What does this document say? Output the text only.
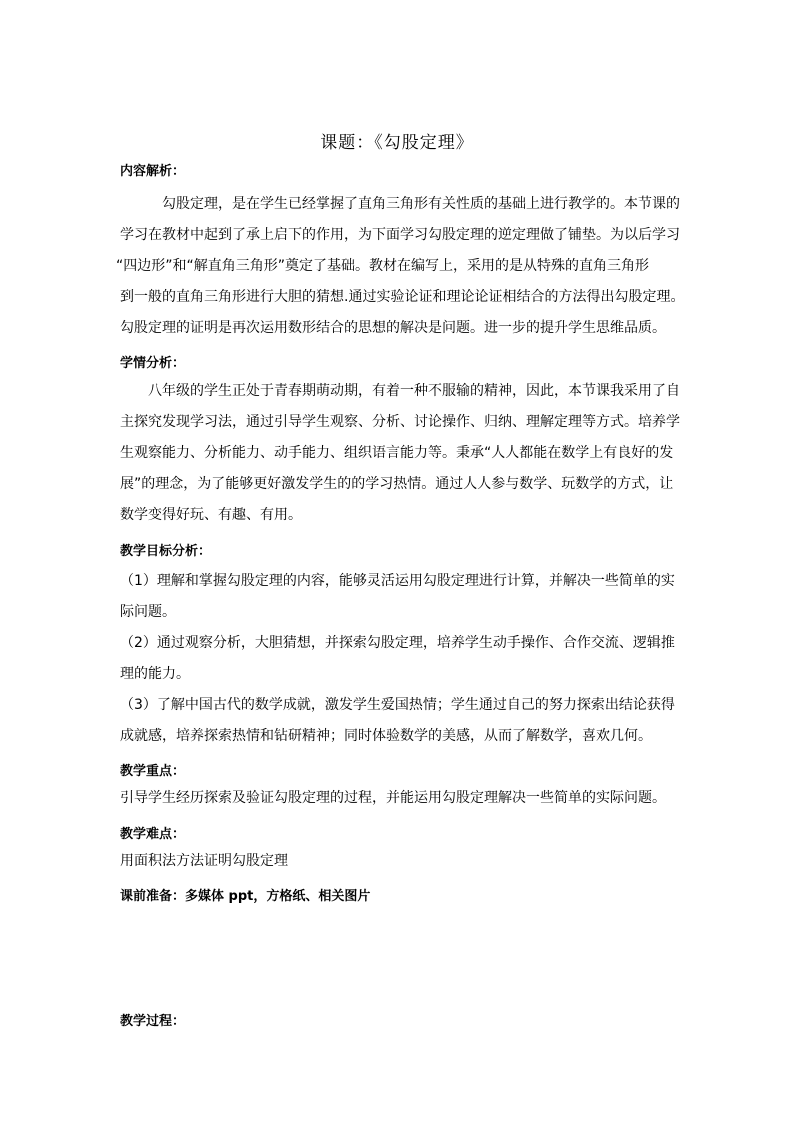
课题：《勾股定理》
内容解析：
勾股定理，是在学生已经掌握了直角三角形有关性质的基础上进行教学的。本节课的
学习在教材中起到了承上启下的作用，为下面学习勾股定理的逆定理做了铺垫。为以后学习
“四边形”和“解直角三角形”奠定了基础。教材在编写上，采用的是从特殊的直角三角形
到一般的直角三角形进行大胆的猜想.通过实验论证和理论论证相结合的方法得出勾股定理。
勾股定理的证明是再次运用数形结合的思想的解决是问题。进一步的提升学生思维品质。
学情分析：
八年级的学生正处于青春期萌动期，有着一种不服输的精神，因此，本节课我采用了自
主探究发现学习法，通过引导学生观察、分析、讨论操作、归纳、理解定理等方式。培养学
生观察能力、分析能力、动手能力、组织语言能力等。秉承“人人都能在数学上有良好的发
展”的理念，为了能够更好激发学生的的学习热情。通过人人参与数学、玩数学的方式，让
数学变得好玩、有趣、有用。
教学目标分析：
（1）理解和掌握勾股定理的内容，能够灵活运用勾股定理进行计算，并解决一些简单的实
际问题。
（2）通过观察分析，大胆猜想，并探索勾股定理，培养学生动手操作、合作交流、逻辑推
理的能力。
（3）了解中国古代的数学成就，激发学生爱国热情；学生通过自己的努力探索出结论获得
成就感，培养探索热情和钻研精神；同时体验数学的美感，从而了解数学，喜欢几何。
教学重点：
引导学生经历探索及验证勾股定理的过程，并能运用勾股定理解决一些简单的实际问题。
教学难点：
用面积法方法证明勾股定理
课前准备：多媒体 ppt，方格纸、相关图片
教学过程：
